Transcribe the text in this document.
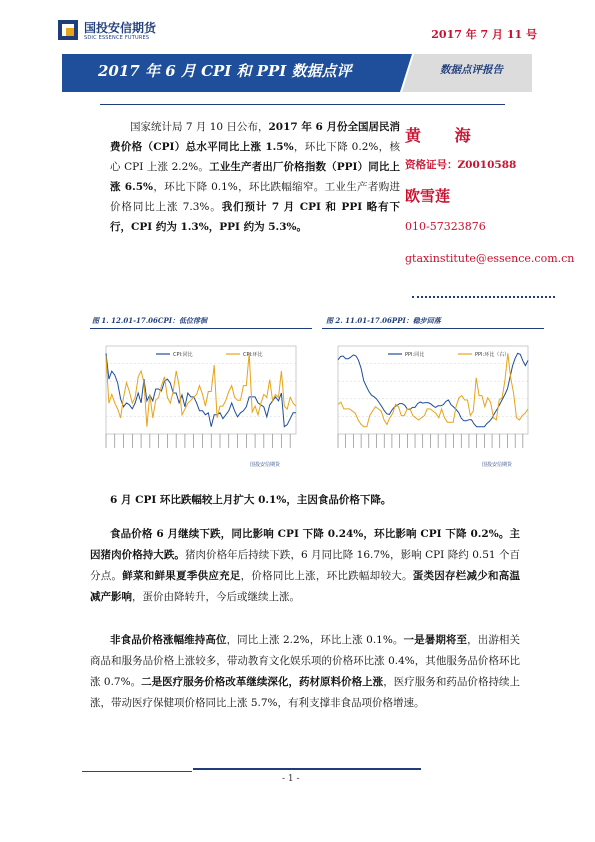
国投安信期货
SDIC ESSENCE FUTURES	2017 年 7 月 11 号
2017 年 6 月 CPI 和 PPI 数据点评	数据点评报告
国家统计局 7 月 10 日公布，2017 年 6 月份全国居民消费价格（CPI）总水平同比上涨 1.5%，环比下降 0.2%，核心 CPI 上涨 2.2%。工业生产者出厂价格指数（PPI）同比上涨 6.5%，环比下降 0.1%，环比跌幅缩窄。工业生产者购进价格同比上涨 7.3%。我们预计 7 月 CPI 和 PPI 略有下行，CPI 约为 1.3%，PPI 约为 5.3%。
黄 海
资格证号：Z0010588
欧雪莲
010-57323876
gtaxinstitute@essence.com.cn
图 1. 12.01-17.06CPI：低位徘徊	图 2. 11.01-17.06PPI：稳步回落
CPI:同比	CPI:环比
国投安信期货
PPI:同比	PPI:环比（右）
国投安信期货
6 月 CPI 环比跌幅较上月扩大 0.1%，主因食品价格下降。
食品价格 6 月继续下跌，同比影响 CPI 下降 0.24%，环比影响 CPI 下降 0.2%。主因猪肉价格持大跌。猪肉价格年后持续下跌，6 月同比降 16.7%，影响 CPI 降约 0.51 个百分点。鲜菜和鲜果夏季供应充足，价格同比上涨，环比跌幅却较大。蛋类因存栏减少和高温减产影响，蛋价由降转升，今后或继续上涨。
非食品价格涨幅维持高位，同比上涨 2.2%，环比上涨 0.1%。一是暑期将至，出游相关商品和服务品价格上涨较多，带动教育文化娱乐项的价格环比涨 0.4%，其他服务品价格环比涨 0.7%。二是医疗服务价格改革继续深化，药材原料价格上涨，医疗服务和药品价格持续上涨，带动医疗保健项价格同比上涨 5.7%，有利支撑非食品项价格增速。
- 1 -
